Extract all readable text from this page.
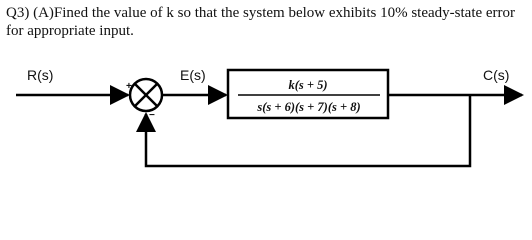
Q3) (A)Fined the value of k so that the system below exhibits 10% steady-state error for appropriate input.

+
−
k(s + 5)
s(s + 6)(s + 7)(s + 8)

R(s)	E(s)	C(s)
